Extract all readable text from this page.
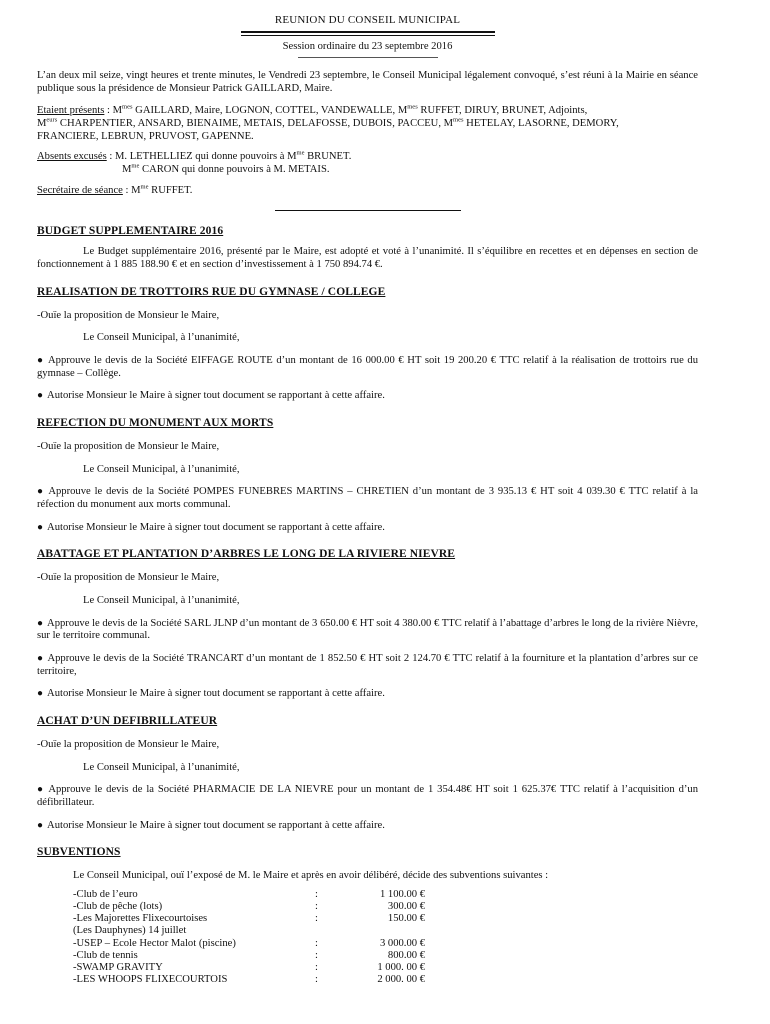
REUNION DU CONSEIL MUNICIPAL
Session ordinaire du 23 septembre 2016

L’an deux mil seize, vingt heures et trente minutes, le Vendredi 23 septembre, le Conseil Municipal légalement convoqué, s’est réuni à la Mairie en séance publique sous la présidence de Monsieur Patrick GAILLARD, Maire.

Etaient présents : $M^{mes}$ GAILLARD, Maire, LOGNON, COTTEL, VANDEWALLE, $M^{mes}$ RUFFET, DIRUY, BRUNET, Adjoints,
$M^{eurs}$ CHARPENTIER, ANSARD, BIENAIME, METAIS, DELAFOSSE, DUBOIS, PACCEU, $M^{mes}$ HETELAY, LASORNE, DEMORY,
FRANCIERE, LEBRUN, PRUVOST, GAPENNE.

Absents excusés : M. LETHELLIEZ qui donne pouvoirs à $M^{me}$ BRUNET.

$M^{me}$ CARON qui donne pouvoirs à M. METAIS.

Secrétaire de séance : $M^{me}$ RUFFET.

BUDGET SUPPLEMENTAIRE 2016

Le Budget supplémentaire 2016, présenté par le Maire, est adopté et voté à l’unanimité. Il s’équilibre en recettes et en dépenses en section de fonctionnement à 1 885 188.90 € et en section d’investissement à 1 750 894.74 €.

REALISATION DE TROTTOIRS RUE DU GYMNASE / COLLEGE

-Ouïe la proposition de Monsieur le Maire,

Le Conseil Municipal, à l’unanimité,

● Approuve le devis de la Société EIFFAGE ROUTE d’un montant de 16 000.00 € HT soit 19 200.20 € TTC relatif à la réalisation de trottoirs rue du gymnase – Collège.

● Autorise Monsieur le Maire à signer tout document se rapportant à cette affaire.

REFECTION DU MONUMENT AUX MORTS

-Ouïe la proposition de Monsieur le Maire,

Le Conseil Municipal, à l’unanimité,

● Approuve le devis de la Société POMPES FUNEBRES MARTINS – CHRETIEN d’un montant de 3 935.13 € HT soit 4 039.30 € TTC relatif à la réfection du monument aux morts communal.

● Autorise Monsieur le Maire à signer tout document se rapportant à cette affaire.

ABATTAGE ET PLANTATION D’ARBRES LE LONG DE LA RIVIERE NIEVRE

-Ouïe la proposition de Monsieur le Maire,

Le Conseil Municipal, à l’unanimité,

● Approuve le devis de la Société SARL JLNP d’un montant de 3 650.00 € HT soit 4 380.00 € TTC relatif à l’abattage d’arbres le long de la rivière Nièvre, sur le territoire communal.

● Approuve le devis de la Société TRANCART d’un montant de 1 852.50 € HT soit 2 124.70 € TTC relatif à la fourniture et la plantation d’arbres sur ce territoire,

● Autorise Monsieur le Maire à signer tout document se rapportant à cette affaire.

ACHAT D’UN DEFIBRILLATEUR

-Ouïe la proposition de Monsieur le Maire,

Le Conseil Municipal, à l’unanimité,

● Approuve le devis de la Société PHARMACIE DE LA NIEVRE pour un montant de 1 354.48€ HT soit 1 625.37€ TTC relatif à l’acquisition d’un défibrillateur.

● Autorise Monsieur le Maire à signer tout document se rapportant à cette affaire.

SUBVENTIONS

Le Conseil Municipal, ouï l’exposé de M. le Maire et après en avoir délibéré, décide des subventions suivantes :

-Club de l’euro	:	1 100.00 €
-Club de pêche (lots)	:	300.00 €
-Les Majorettes Flixecourtoises	:	150.00 €
(Les Dauphynes) 14 juillet		
-USEP – Ecole Hector Malot (piscine)	:	3 000.00 €
-Club de tennis	:	800.00 €
-SWAMP GRAVITY	:	1 000. 00 €
-LES WHOOPS FLIXECOURTOIS	:	2 000. 00 €
